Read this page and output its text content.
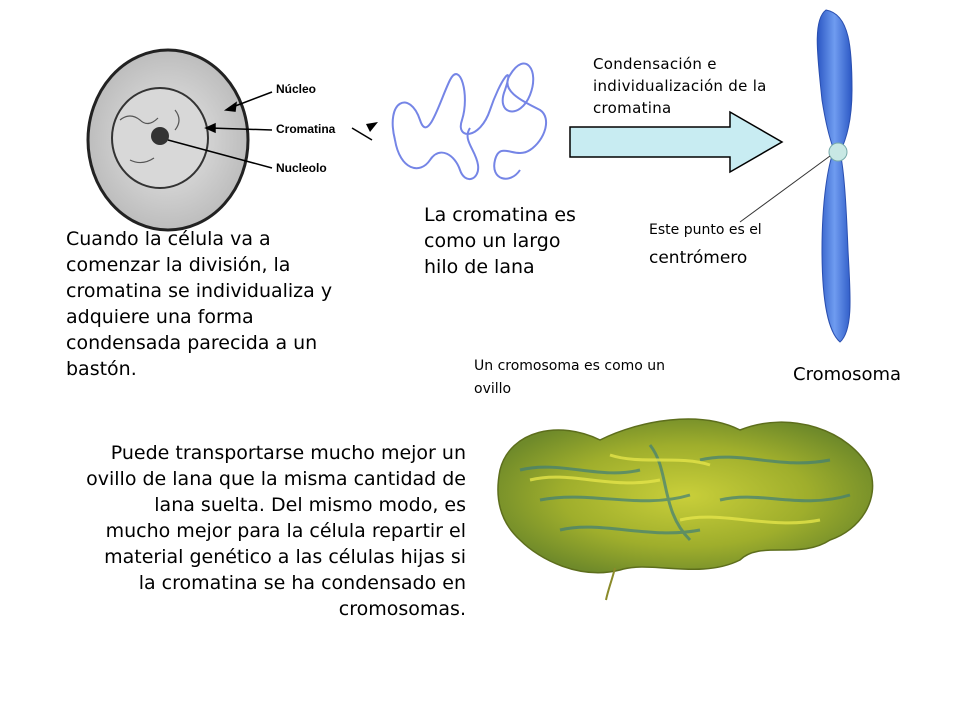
Núcleo
Cromatina
Nucleolo
La cromatina es como un largo hilo de lana
Cuando la célula va a comenzar la división, la cromatina se individualiza y adquiere una forma condensada parecida a un bastón.
Condensación e individualización de la cromatina
Este punto es el
centrómero
Cromosoma
Un cromosoma es como un ovillo
Puede transportarse mucho mejor un ovillo de lana que la misma cantidad de lana suelta. Del mismo modo, es mucho mejor para la célula repartir el material genético a las células hijas si la cromatina se ha condensado en cromosomas.
